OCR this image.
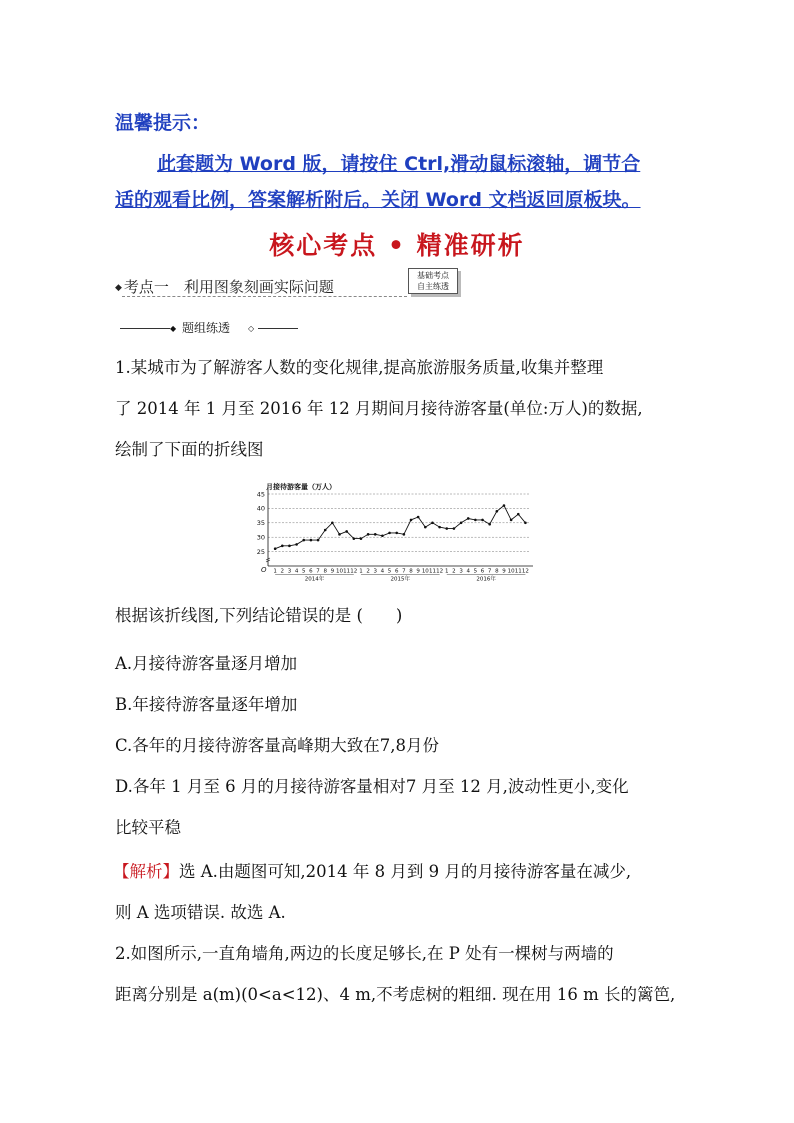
温馨提示：
此套题为 Word 版，请按住 Ctrl,滑动鼠标滚轴，调节合
适的观看比例，答案解析附后。关闭 Word 文档返回原板块。
核心考点 • 精准研析
◆ 考点一　利用图象刻画实际问题
基础考点
自主练透
◆ 题组练透 ◇
1.某城市为了解游客人数的变化规律,提高旅游服务质量,收集并整理
了 2014 年 1 月至 2016 年 12 月期间月接待游客量(单位:万人)的数据,
绘制了下面的折线图
25
30
35
40
45
1 2 3 4 5 6 7 8 9 10 11 12 1 2 3 4 5 6 7 8 9 10 11 12 1 2 3 4 5 6 7 8 9 10 11 12
2014年	2015年	2016年
月接待游客量（万人）
O
根据该折线图,下列结论错误的是 (　　)
A.月接待游客量逐月增加
B.年接待游客量逐年增加
C.各年的月接待游客量高峰期大致在7,8月份
D.各年 1 月至 6 月的月接待游客量相对7 月至 12 月,波动性更小,变化
比较平稳
【解析】选 A.由题图可知,2014 年 8 月到 9 月的月接待游客量在减少,
则 A 选项错误. 故选 A.
2.如图所示,一直角墙角,两边的长度足够长,在 P 处有一棵树与两墙的
距离分别是 a(m)(0<a<12)、4 m,不考虑树的粗细. 现在用 16 m 长的篱笆,
